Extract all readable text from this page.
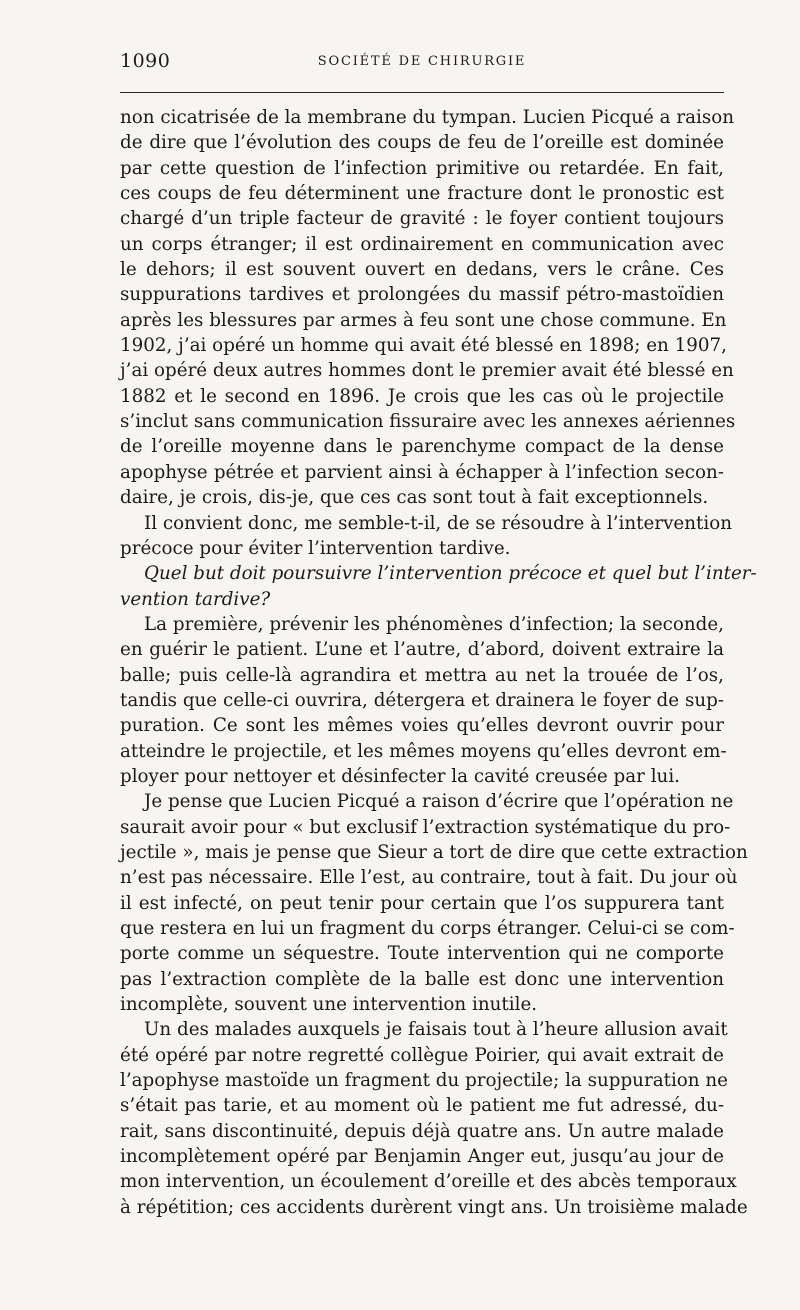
1090	SOCIÉTÉ DE CHIRURGIE
non cicatrisée de la membrane du tympan. Lucien Picqué a raison
de dire que l’évolution des coups de feu de l’oreille est dominée
par cette question de l’infection primitive ou retardée. En fait,
ces coups de feu déterminent une fracture dont le pronostic est
chargé d’un triple facteur de gravité : le foyer contient toujours
un corps étranger; il est ordinairement en communication avec
le dehors; il est souvent ouvert en dedans, vers le crâne. Ces
suppurations tardives et prolongées du massif pétro-mastoïdien
après les blessures par armes à feu sont une chose commune. En
1902, j’ai opéré un homme qui avait été blessé en 1898; en 1907,
j’ai opéré deux autres hommes dont le premier avait été blessé en
1882 et le second en 1896. Je crois que les cas où le projectile
s’inclut sans communication fissuraire avec les annexes aériennes
de l’oreille moyenne dans le parenchyme compact de la dense
apophyse pétrée et parvient ainsi à échapper à l’infection secon-
daire, je crois, dis-je, que ces cas sont tout à fait exceptionnels.
Il convient donc, me semble-t-il, de se résoudre à l’intervention
précoce pour éviter l’intervention tardive.
Quel but doit poursuivre l’intervention précoce et quel but l’inter-
vention tardive?
La première, prévenir les phénomènes d’infection; la seconde,
en guérir le patient. L’une et l’autre, d’abord, doivent extraire la
balle; puis celle-là agrandira et mettra au net la trouée de l’os,
tandis que celle-ci ouvrira, détergera et drainera le foyer de sup-
puration. Ce sont les mêmes voies qu’elles devront ouvrir pour
atteindre le projectile, et les mêmes moyens qu’elles devront em-
ployer pour nettoyer et désinfecter la cavité creusée par lui.
Je pense que Lucien Picqué a raison d’écrire que l’opération ne
saurait avoir pour « but exclusif l’extraction systématique du pro-
jectile », mais je pense que Sieur a tort de dire que cette extraction
n’est pas nécessaire. Elle l’est, au contraire, tout à fait. Du jour où
il est infecté, on peut tenir pour certain que l’os suppurera tant
que restera en lui un fragment du corps étranger. Celui-ci se com-
porte comme un séquestre. Toute intervention qui ne comporte
pas l’extraction complète de la balle est donc une intervention
incomplète, souvent une intervention inutile.
Un des malades auxquels je faisais tout à l’heure allusion avait
été opéré par notre regretté collègue Poirier, qui avait extrait de
l’apophyse mastoïde un fragment du projectile; la suppuration ne
s’était pas tarie, et au moment où le patient me fut adressé, du-
rait, sans discontinuité, depuis déjà quatre ans. Un autre malade
incomplètement opéré par Benjamin Anger eut, jusqu’au jour de
mon intervention, un écoulement d’oreille et des abcès temporaux
à répétition; ces accidents durèrent vingt ans. Un troisième malade
